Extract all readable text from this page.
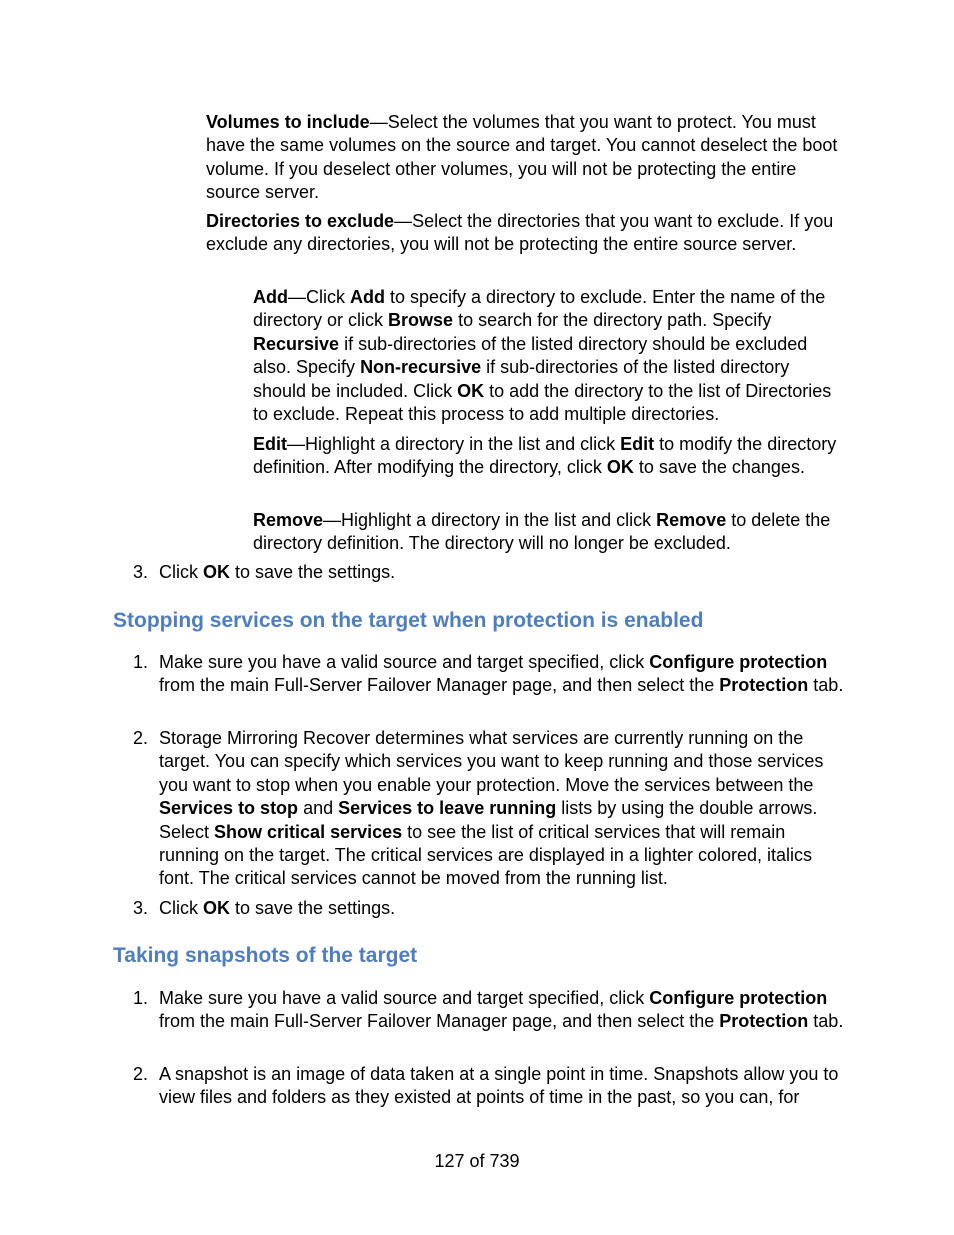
Volumes to include—Select the volumes that you want to protect. You must have the same volumes on the source and target. You cannot deselect the boot volume. If you deselect other volumes, you will not be protecting the entire source server.

Directories to exclude—Select the directories that you want to exclude. If you exclude any directories, you will not be protecting the entire source server.

Add—Click Add to specify a directory to exclude. Enter the name of the directory or click Browse to search for the directory path. Specify Recursive if sub-directories of the listed directory should be excluded also. Specify Non-recursive if sub-directories of the listed directory should be included. Click OK to add the directory to the list of Directories to exclude. Repeat this process to add multiple directories.

Edit—Highlight a directory in the list and click Edit to modify the directory definition. After modifying the directory, click OK to save the changes.

Remove—Highlight a directory in the list and click Remove to delete the directory definition. The directory will no longer be excluded.

3. Click OK to save the settings.

Stopping services on the target when protection is enabled

1. Make sure you have a valid source and target specified, click Configure protection from the main Full-Server Failover Manager page, and then select the Protection tab.

2. Storage Mirroring Recover determines what services are currently running on the target. You can specify which services you want to keep running and those services you want to stop when you enable your protection. Move the services between the Services to stop and Services to leave running lists by using the double arrows. Select Show critical services to see the list of critical services that will remain running on the target. The critical services are displayed in a lighter colored, italics font. The critical services cannot be moved from the running list.

3. Click OK to save the settings.

Taking snapshots of the target

1. Make sure you have a valid source and target specified, click Configure protection from the main Full-Server Failover Manager page, and then select the Protection tab.

2. A snapshot is an image of data taken at a single point in time. Snapshots allow you to view files and folders as they existed at points of time in the past, so you can, for

127 of 739
